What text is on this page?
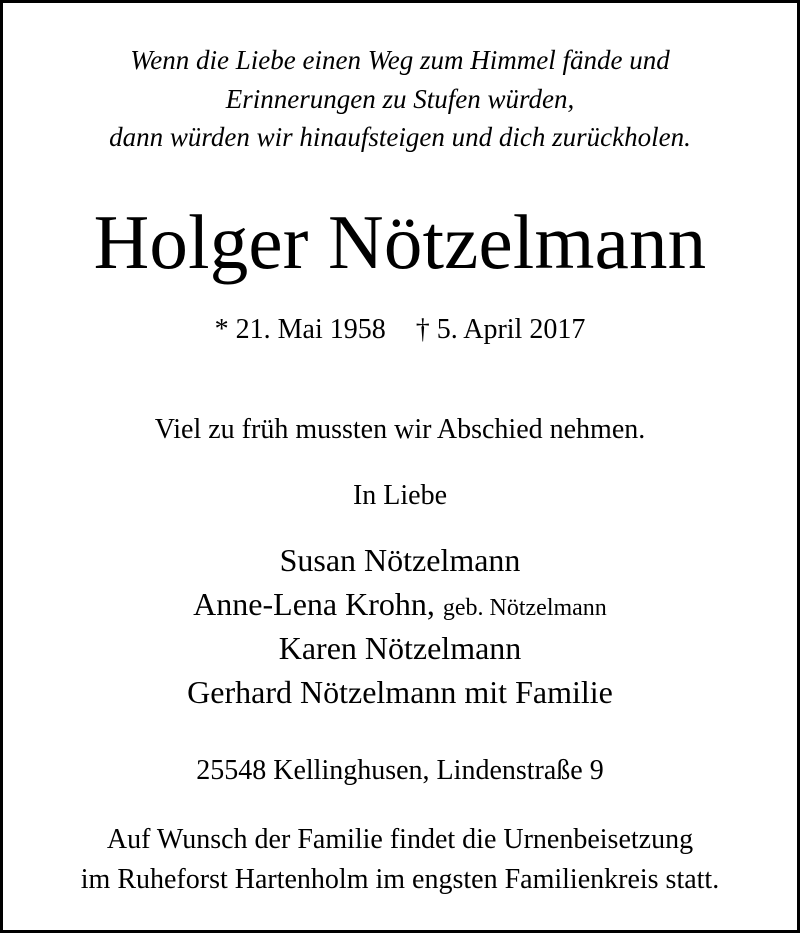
Wenn die Liebe einen Weg zum Himmel fände und
Erinnerungen zu Stufen würden,
dann würden wir hinaufsteigen und dich zurückholen.
Holger Nötzelmann
* 21. Mai 1958 † 5. April 2017
Viel zu früh mussten wir Abschied nehmen.
In Liebe
Susan Nötzelmann
Anne-Lena Krohn, geb. Nötzelmann
Karen Nötzelmann
Gerhard Nötzelmann mit Familie
25548 Kellinghusen, Lindenstraße 9
Auf Wunsch der Familie findet die Urnenbeisetzung
im Ruheforst Hartenholm im engsten Familienkreis statt.
